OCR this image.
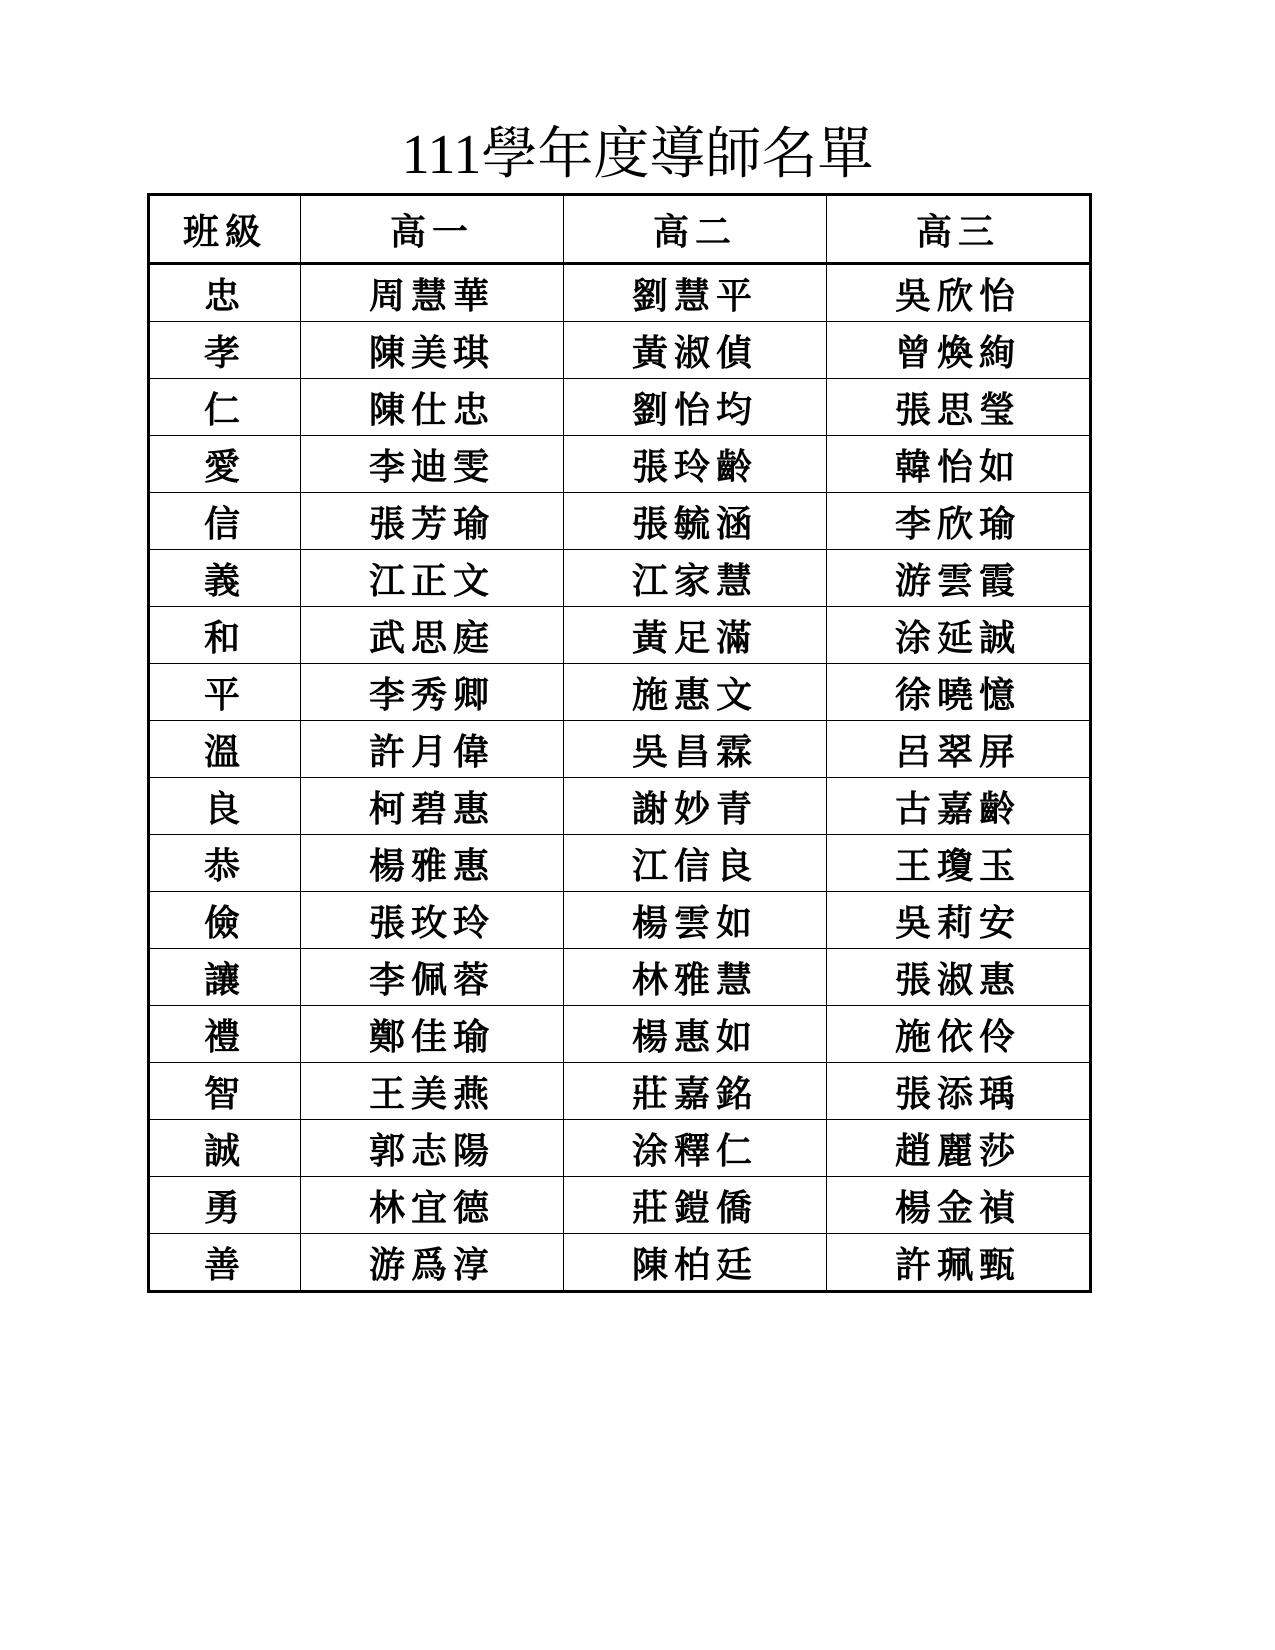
111學年度導師名單
班級	高一	高二	高三
忠	周慧華	劉慧平	吳欣怡
孝	陳美琪	黃淑偵	曾煥絢
仁	陳仕忠	劉怡均	張思瑩
愛	李迪雯	張玲齡	韓怡如
信	張芳瑜	張毓涵	李欣瑜
義	江正文	江家慧	游雲霞
和	武思庭	黃足滿	涂延誠
平	李秀卿	施惠文	徐曉憶
溫	許月偉	吳昌霖	呂翠屏
良	柯碧惠	謝妙青	古嘉齡
恭	楊雅惠	江信良	王瓊玉
儉	張玫玲	楊雲如	吳莉安
讓	李佩蓉	林雅慧	張淑惠
禮	鄭佳瑜	楊惠如	施依伶
智	王美燕	莊嘉銘	張添瑀
誠	郭志陽	涂釋仁	趙麗莎
勇	林宜德	莊鎧僑	楊金禎
善	游爲淳	陳柏廷	許珮甄
